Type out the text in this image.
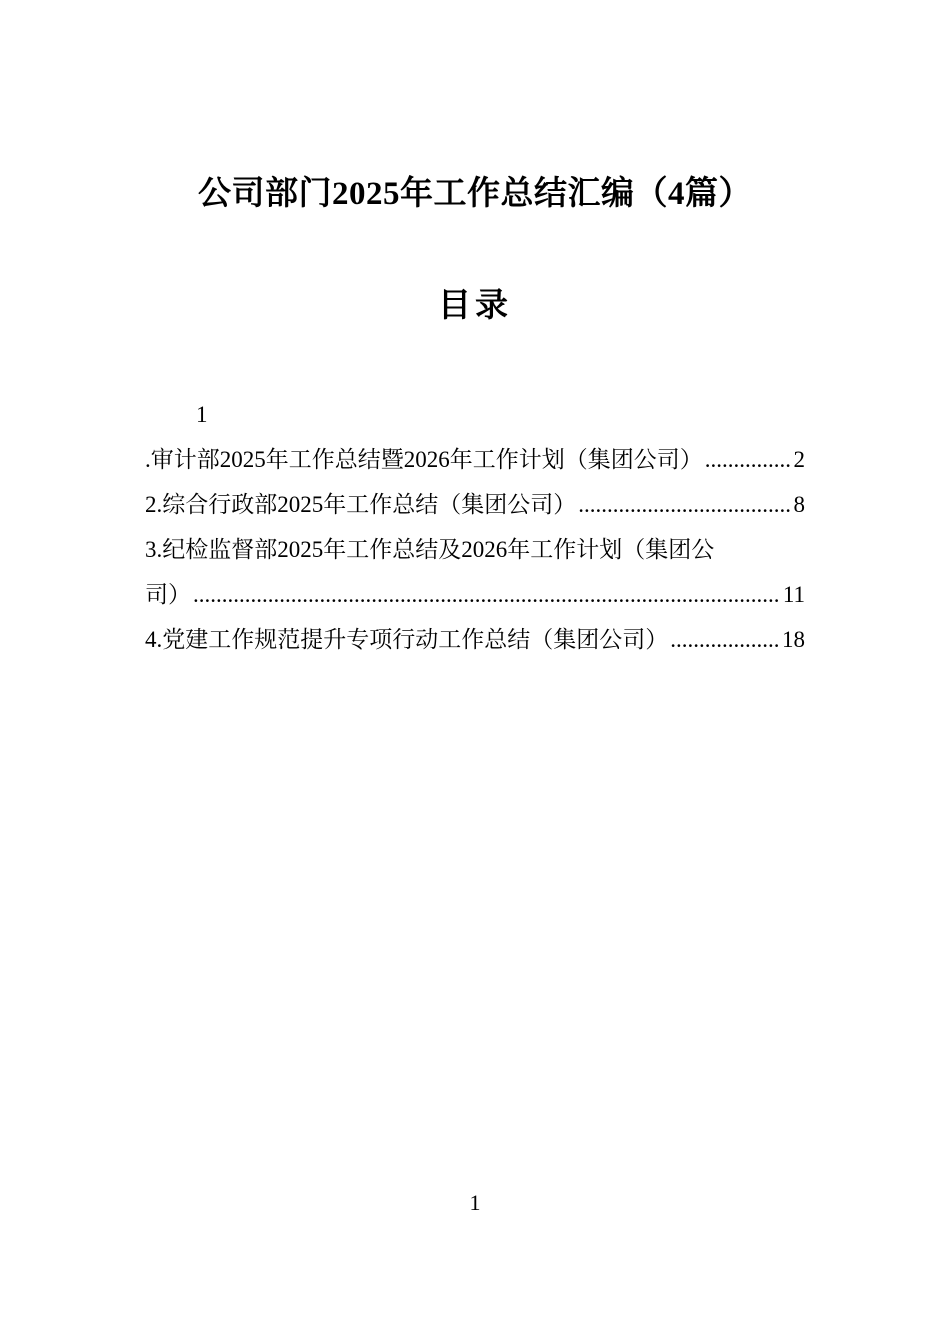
公司部门2025年工作总结汇编（4篇）
目录
1
.审计部2025年工作总结暨2026年工作计划（集团公司） .....	2
2.综合行政部2025年工作总结（集团公司） .....	8
3.纪检监督部2025年工作总结及2026年工作计划（集团公
司） .....	11
4.党建工作规范提升专项行动工作总结（集团公司） .....	18
1
